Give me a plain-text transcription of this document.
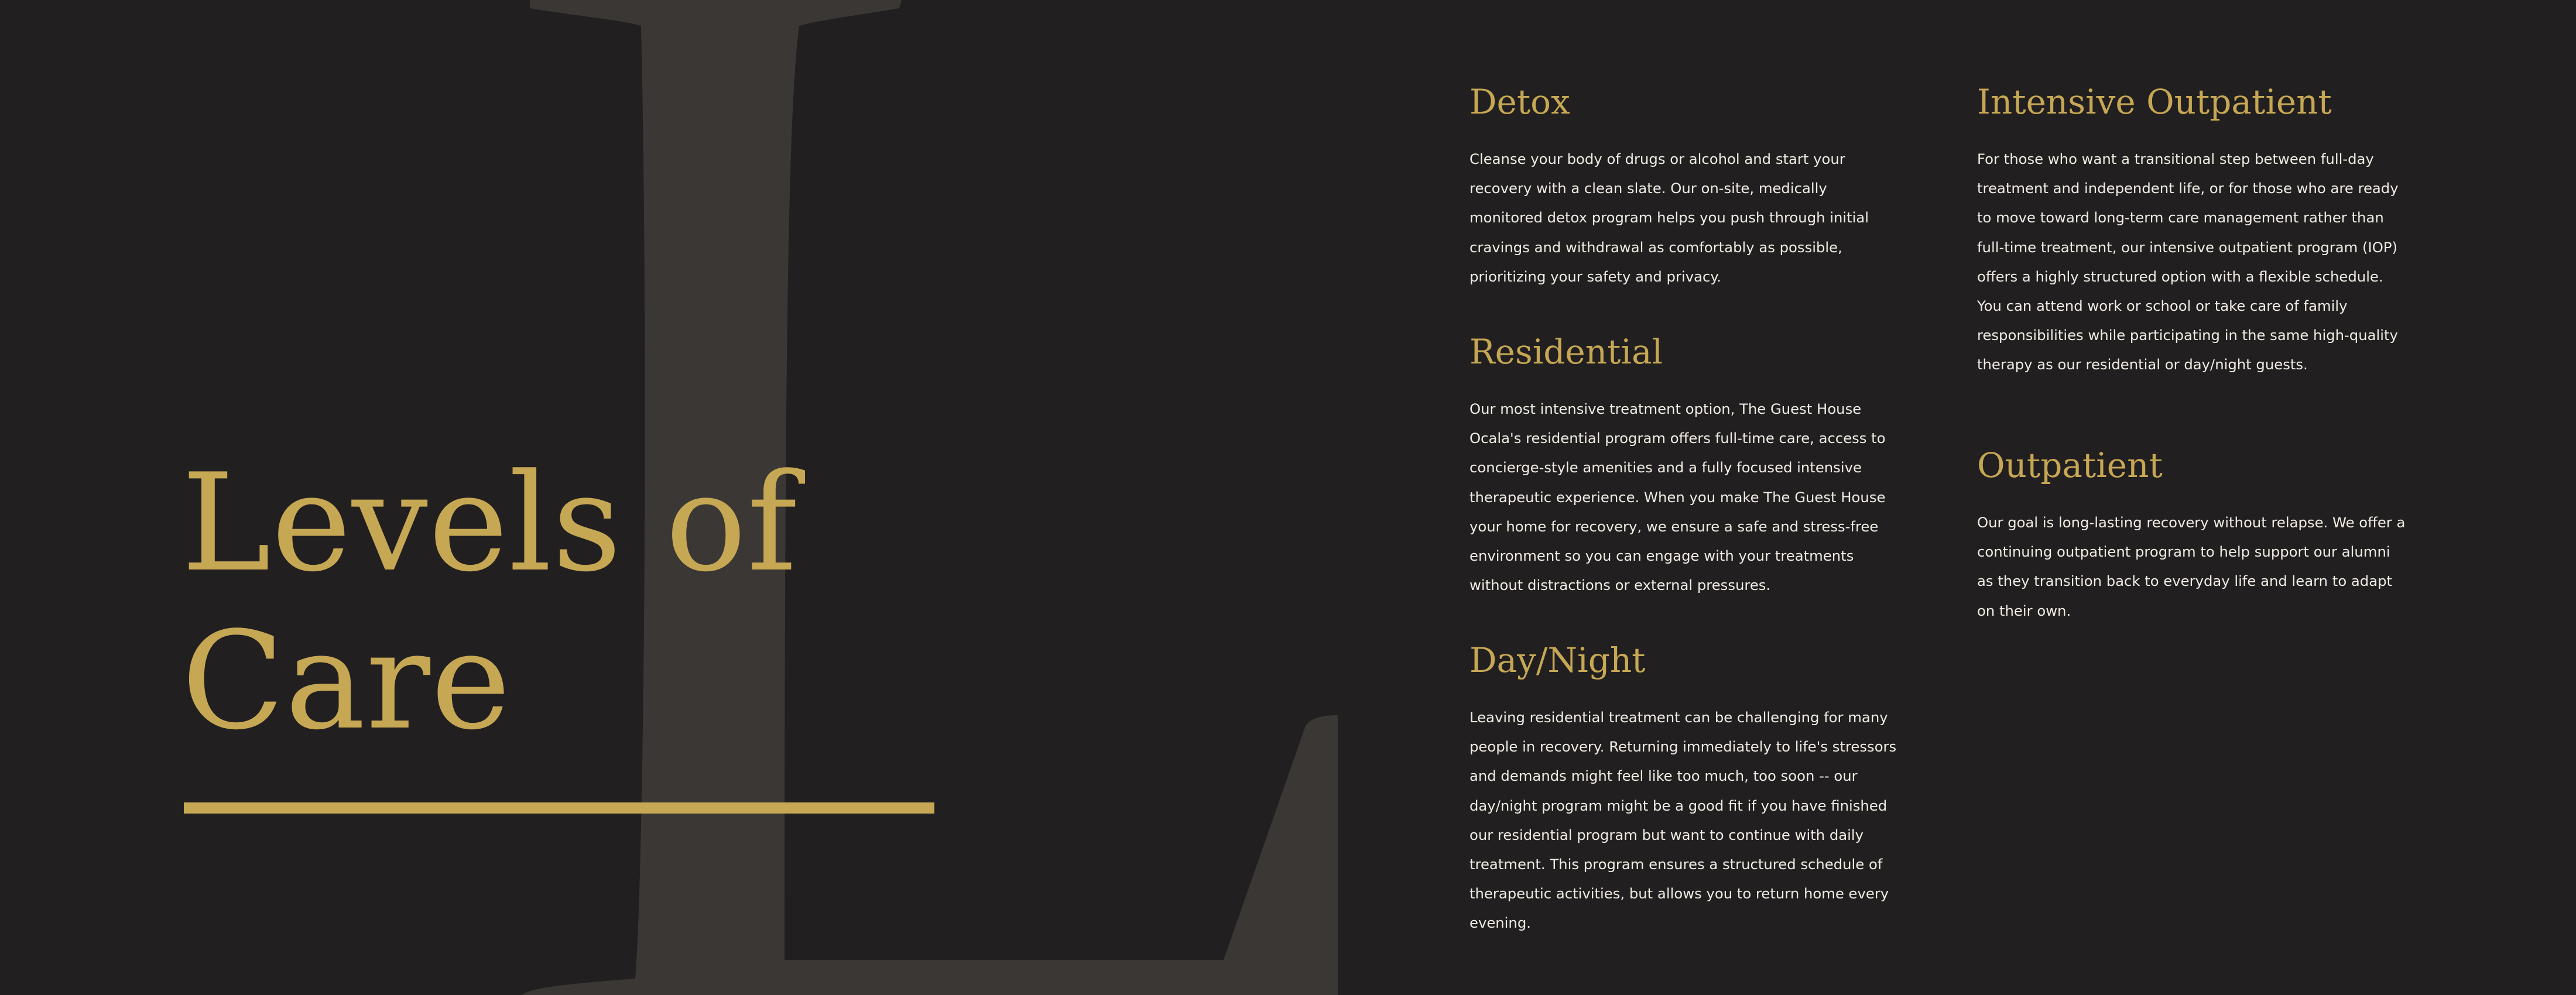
Levels of
Care
Detox

Cleanse your body of drugs or alcohol and start your recovery with a clean slate. Our on-site, medically monitored detox program helps you push through initial cravings and withdrawal as comfortably as possible, prioritizing your safety and privacy.

Residential

Our most intensive treatment option, The Guest House Ocala's residential program offers full-time care, access to concierge-style amenities and a fully focused intensive therapeutic experience. When you make The Guest House your home for recovery, we ensure a safe and stress-free environment so you can engage with your treatments without distractions or external pressures.

Day/Night

Leaving residential treatment can be challenging for many people in recovery. Returning immediately to life's stressors and demands might feel like too much, too soon -- our day/night program might be a good fit if you have finished our residential program but want to continue with daily treatment. This program ensures a structured schedule of therapeutic activities, but allows you to return home every evening.

Intensive Outpatient

For those who want a transitional step between full-day treatment and independent life, or for those who are ready to move toward long-term care management rather than full-time treatment, our intensive outpatient program (IOP) offers a highly structured option with a flexible schedule. You can attend work or school or take care of family responsibilities while participating in the same high-quality therapy as our residential or day/night guests.

Outpatient

Our goal is long-lasting recovery without relapse. We offer a continuing outpatient program to help support our alumni as they transition back to everyday life and learn to adapt on their own.
